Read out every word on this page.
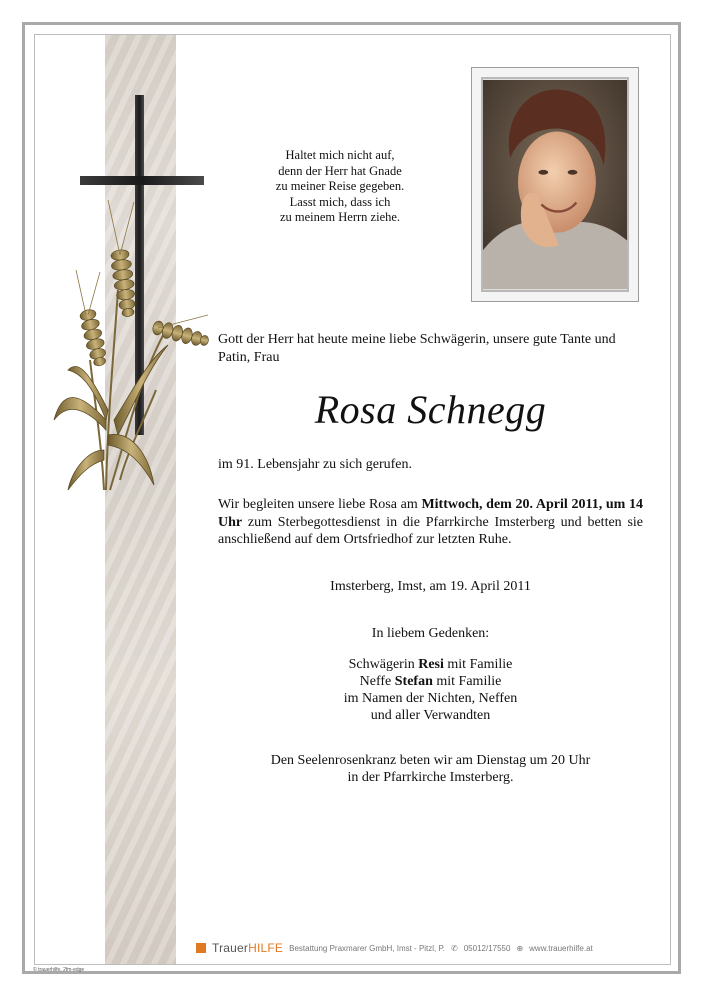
Haltet mich nicht auf,
denn der Herr hat Gnade
zu meiner Reise gegeben.
Lasst mich, dass ich
zu meinem Herrn ziehe.
Gott der Herr hat heute meine liebe Schwägerin, unsere gute Tante und
Patin, Frau
Rosa Schnegg
im 91. Lebensjahr zu sich gerufen.
Wir begleiten unsere liebe Rosa am Mittwoch, dem 20. April 2011, um 14 Uhr zum Sterbegottesdienst in die Pfarrkirche Imsterberg und betten sie anschließend auf dem Ortsfriedhof zur letzten Ruhe.
Imsterberg, Imst, am 19. April 2011
In liebem Gedenken:
Schwägerin Resi mit Familie
Neffe Stefan mit Familie
im Namen der Nichten, Neffen
und aller Verwandten
Den Seelenrosenkranz beten wir am Dienstag um 20 Uhr
in der Pfarrkirche Imsterberg.
TrauerHILFE Bestattung Praxmarer GmbH, Imst - Pitzl, P. ✆ 05012/17550 ⊕ www.trauerhilfe.at
© trauerhilfe, 2fm-edge
